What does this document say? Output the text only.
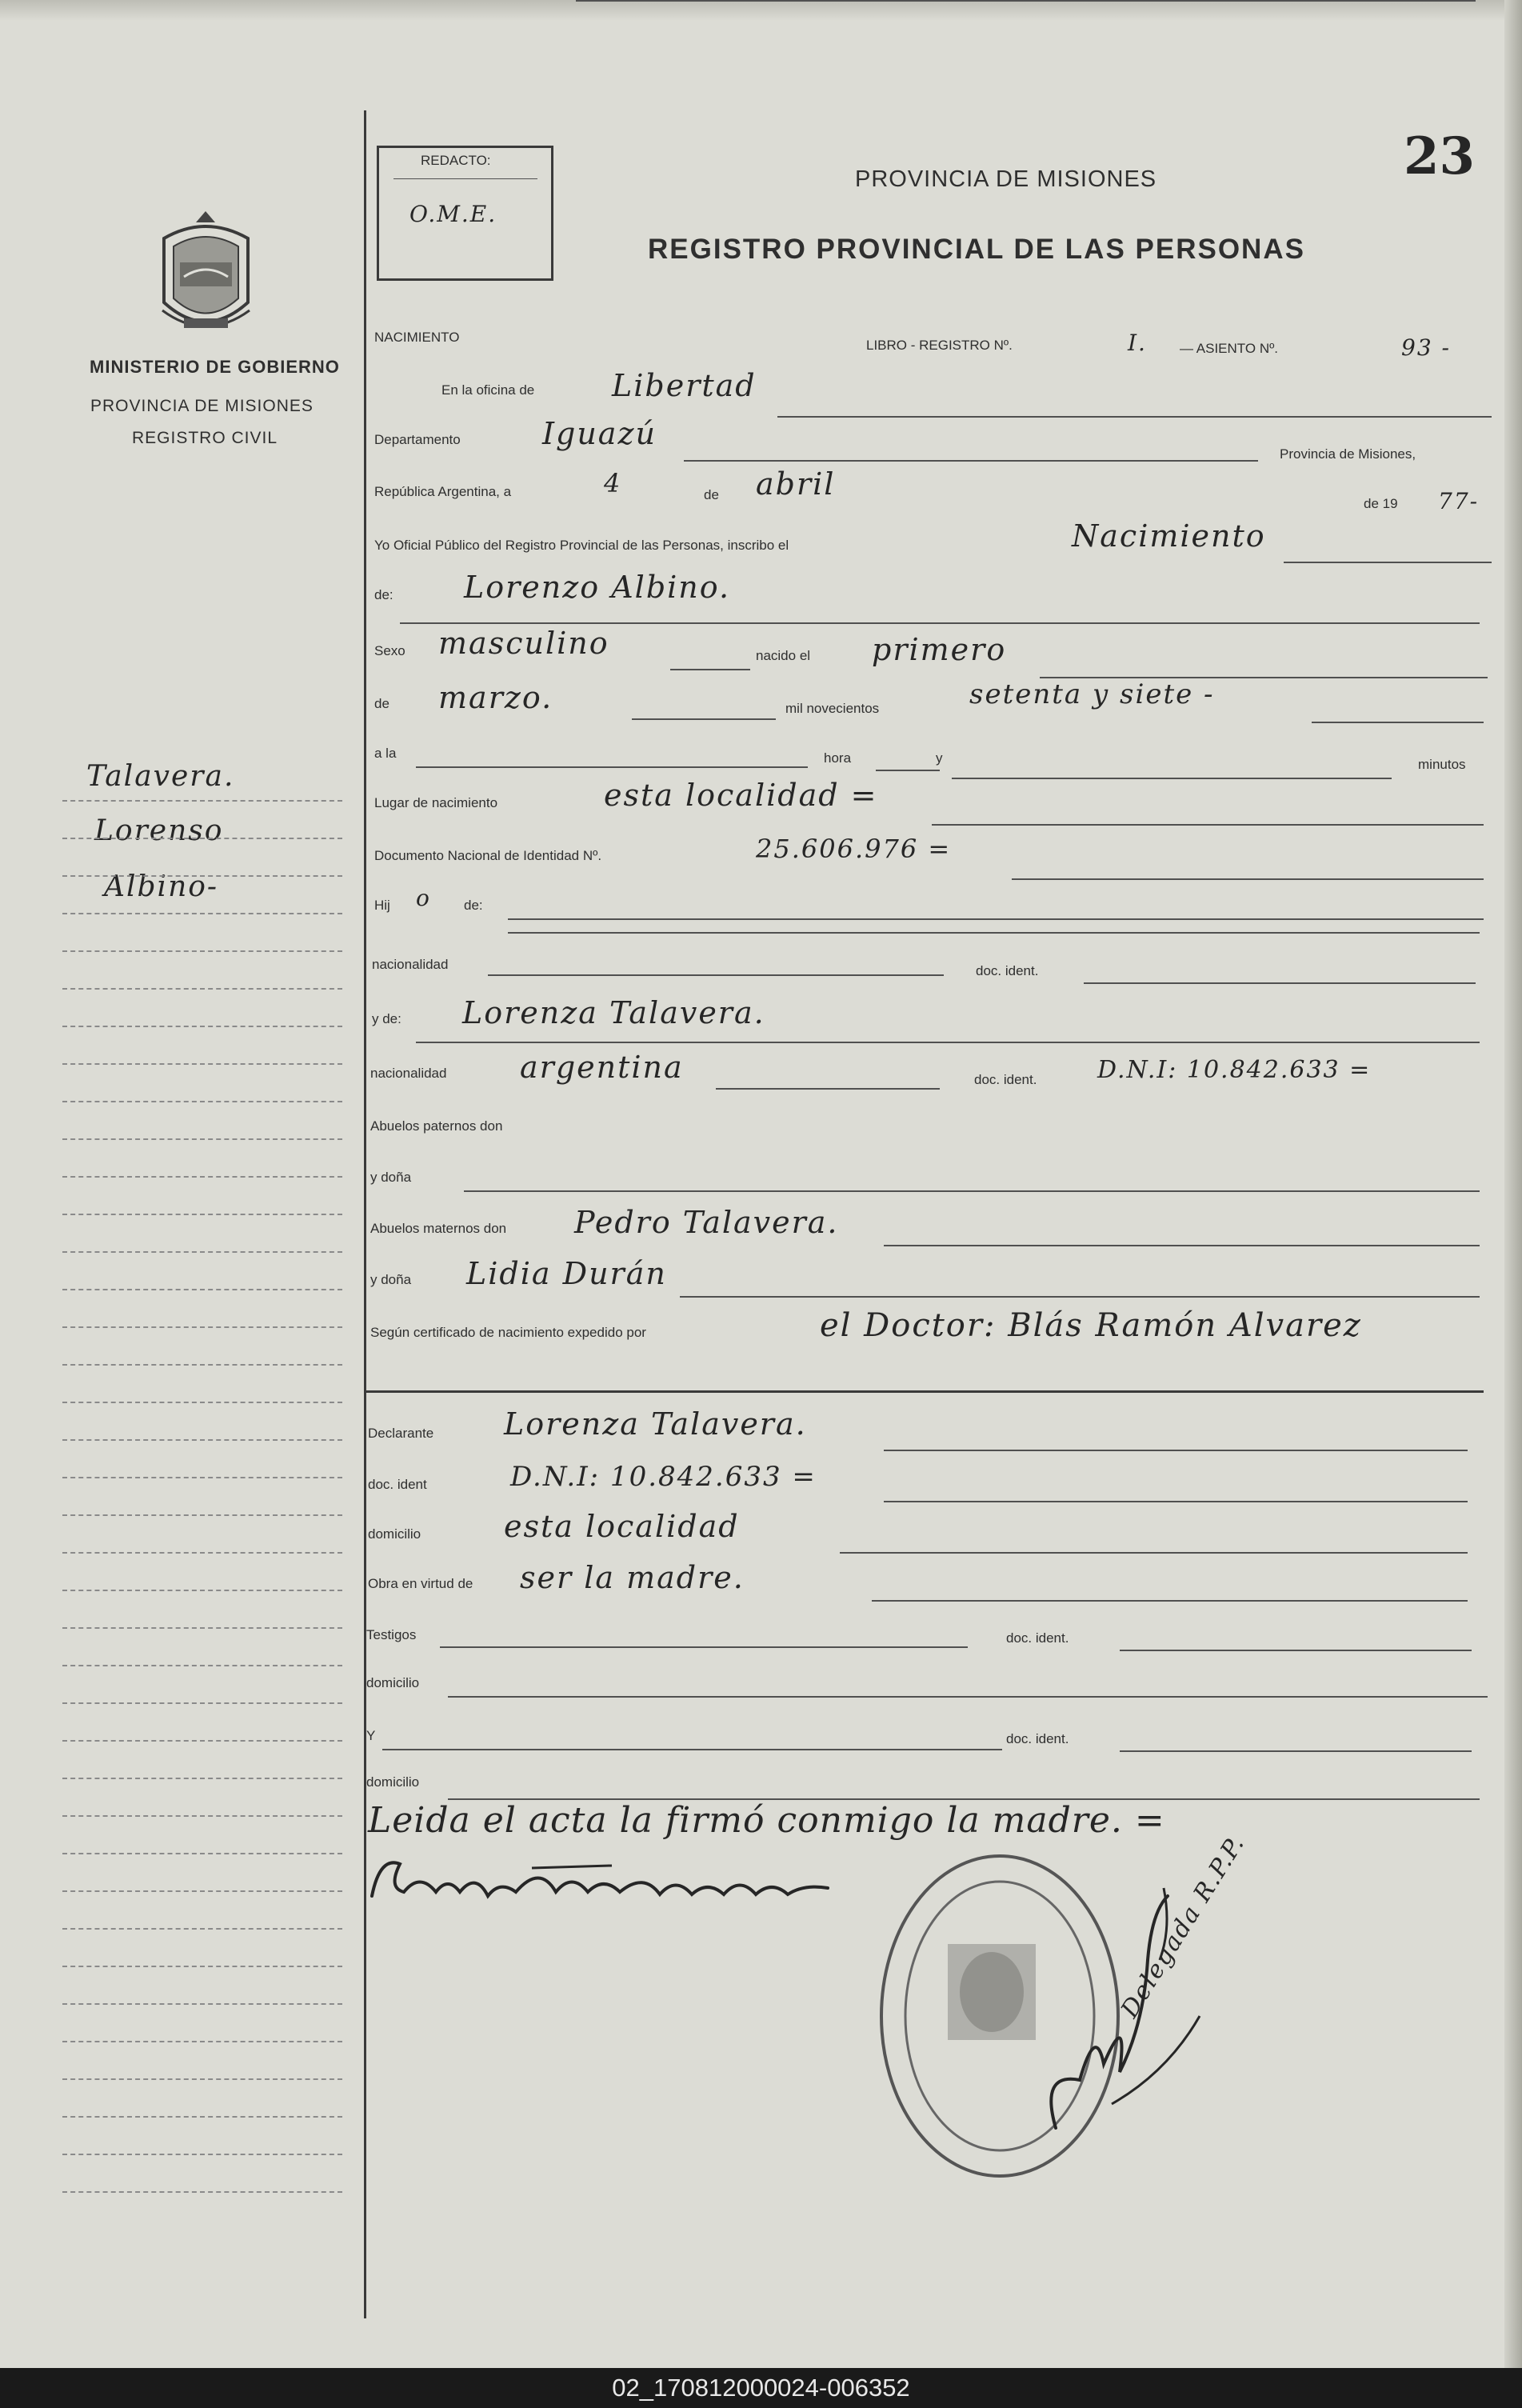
23
REDACTO:
O.M.E.
PROVINCIA DE MISIONES
REGISTRO PROVINCIAL DE LAS PERSONAS
MINISTERIO DE GOBIERNO
PROVINCIA DE MISIONES
REGISTRO CIVIL
Talavera.
Lorenso
Albino-
NACIMIENTO
LIBRO - REGISTRO Nº.	I. — ASIENTO Nº.	93 -
En la oficina de	Libertad
Departamento	Iguazú
Provincia de Misiones,
República Argentina, a	4	de abril
de 19 77-
Yo Oficial Público del Registro Provincial de las Personas, inscribo el	Nacimiento
de: Lorenzo Albino.
Sexo masculino	nacido el primero
de marzo.	mil novecientos	setenta y siete -
a la	hora	y	minutos
Lugar de nacimiento	esta localidad =
Documento Nacional de Identidad Nº.	25.606.976 =
Hij o de:
nacionalidad	doc. ident.
y de: Lorenza Talavera.
nacionalidad argentina	doc. ident.	D.N.I: 10.842.633 =
Abuelos paternos don
y doña
Abuelos maternos don Pedro Talavera.
y doña Lidia Durán
Según certificado de nacimiento expedido por	el Doctor: Blás Ramón Alvarez
Declarante Lorenza Talavera.
doc. ident	D.N.I: 10.842.633 =
domicilio	esta localidad
Obra en virtud de ser la madre.
Testigos	doc. ident.
domicilio
Y	doc. ident.
domicilio
Leida el acta la firmó conmigo la madre. =
Delegada R.P.P.
02_170812000024-006352
